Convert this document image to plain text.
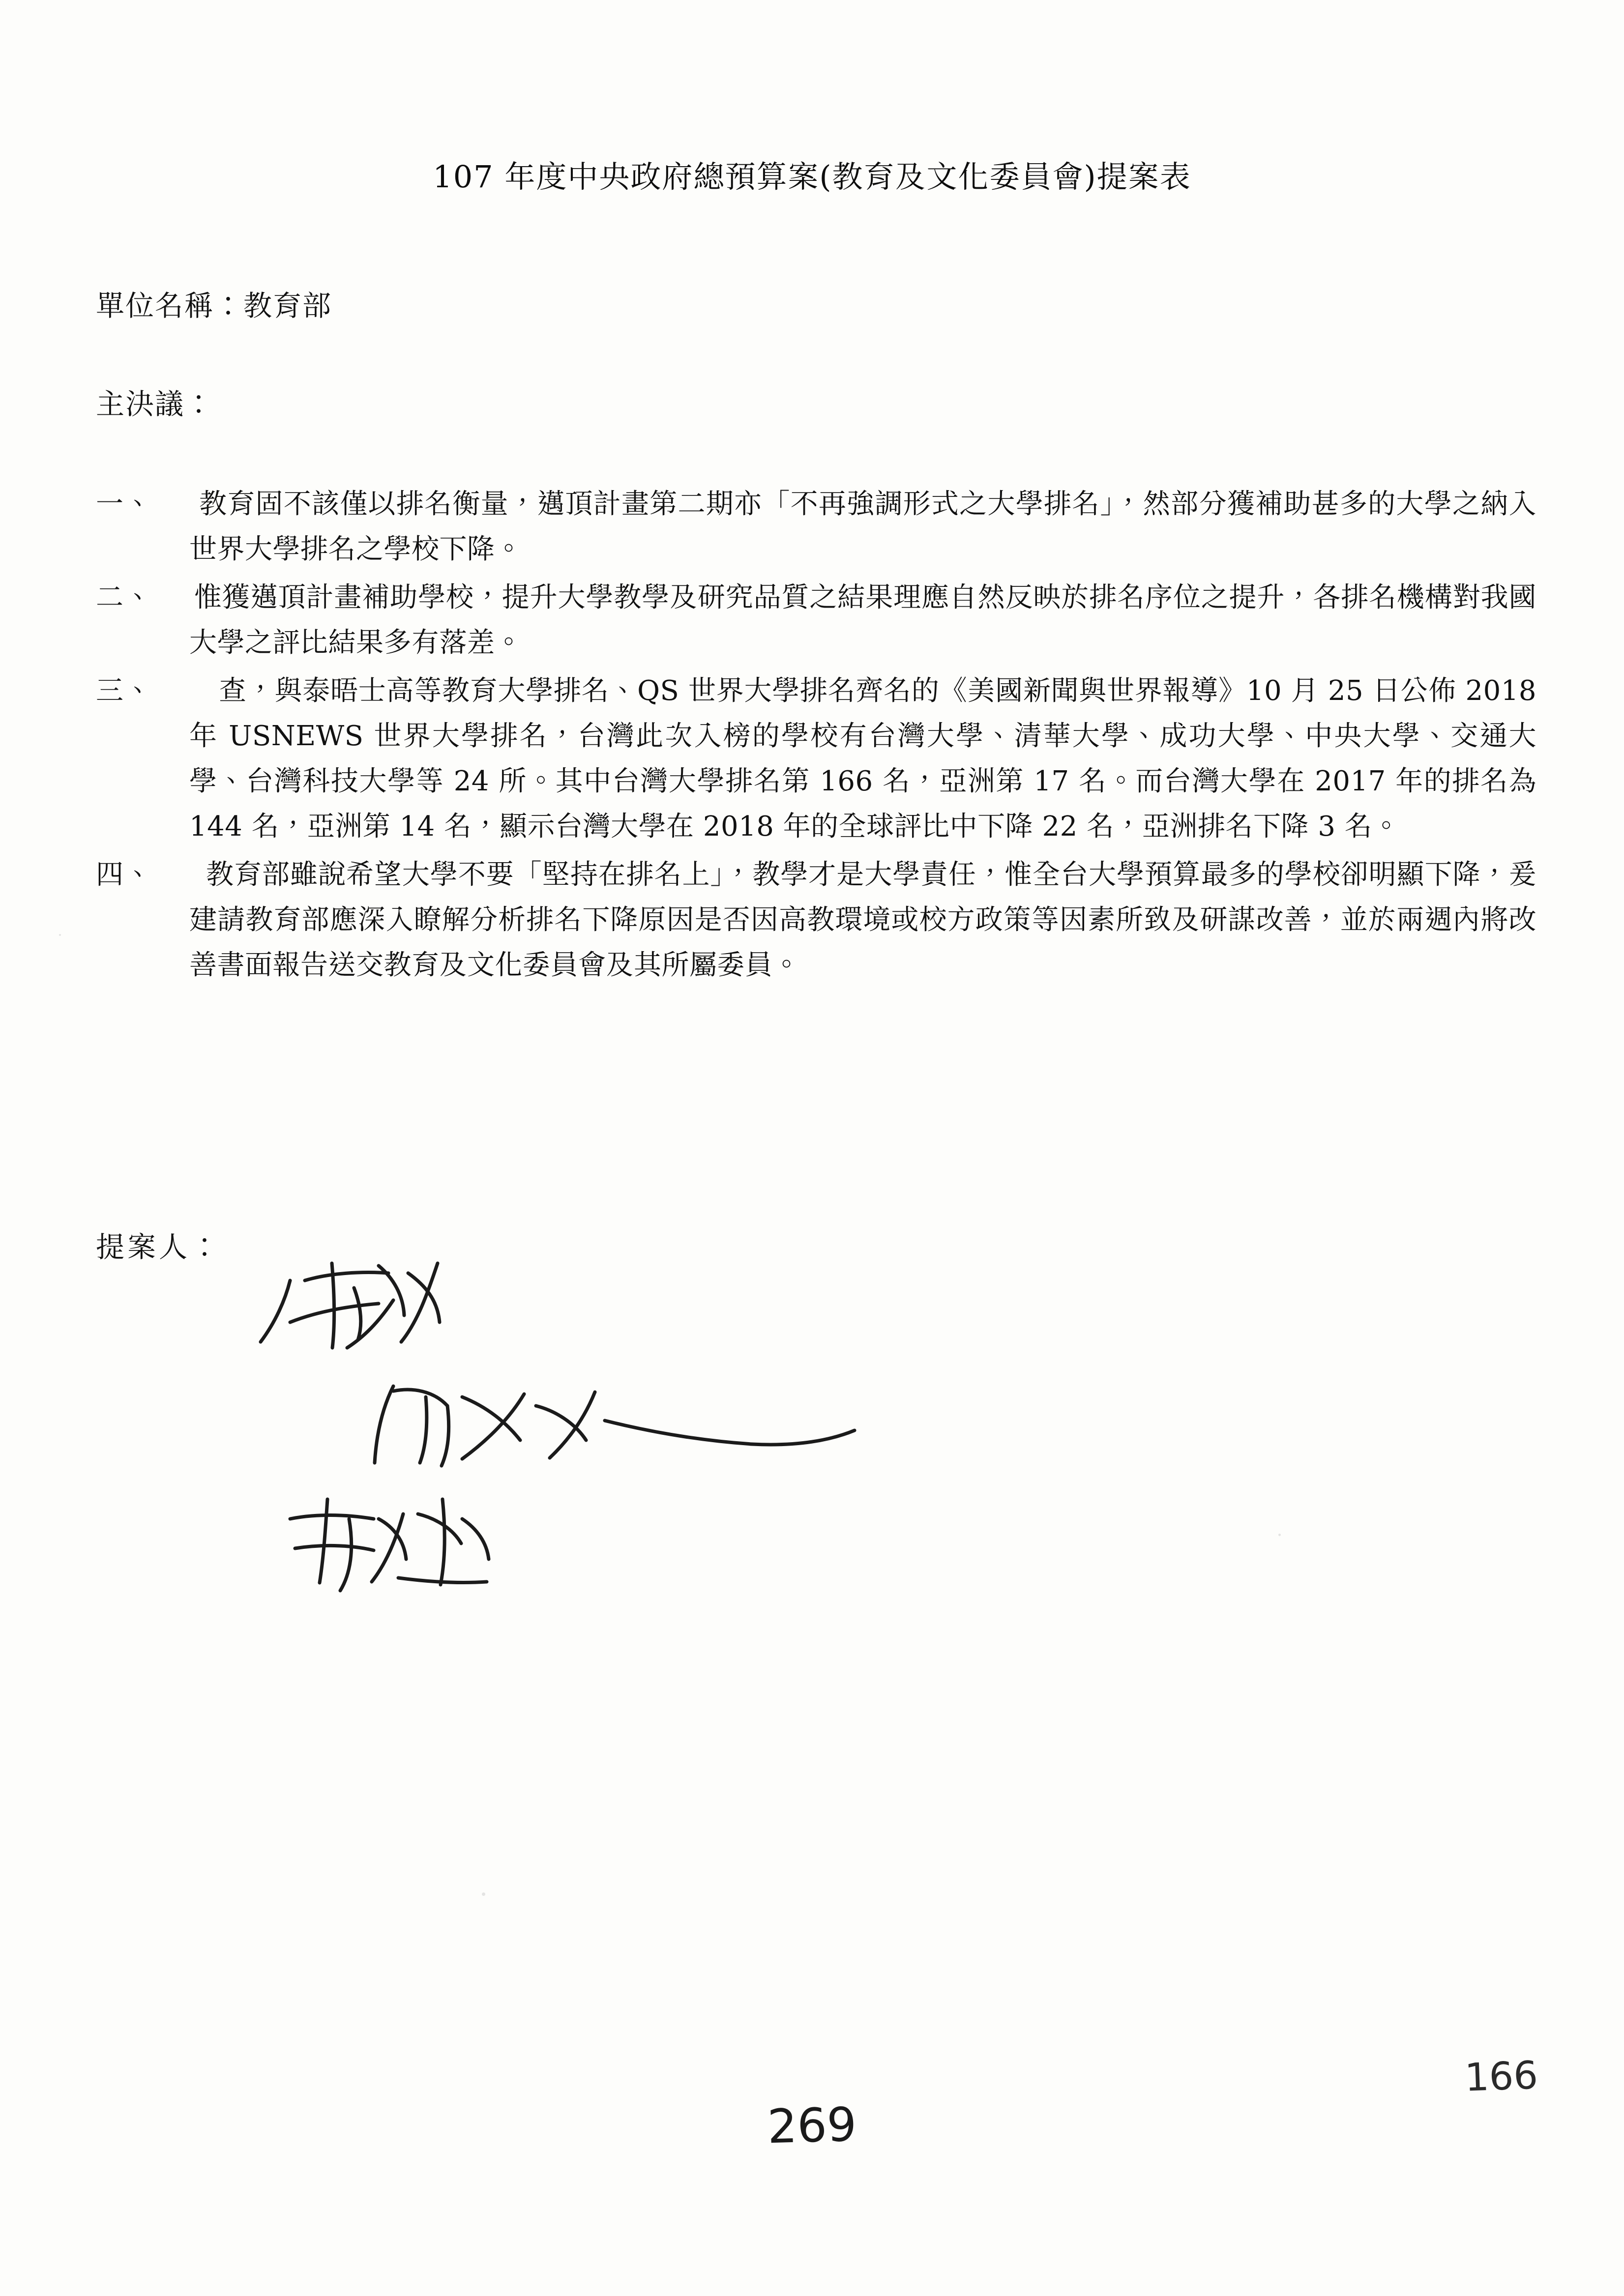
107 年度中央政府總預算案(教育及文化委員會)提案表
單位名稱：教育部
主決議：
一、	教育固不該僅以排名衡量，邁頂計畫第二期亦「不再強調形式之大學排名」，然部分獲補助甚多的大學之納入世界大學排名之學校下降。
二、	惟獲邁頂計畫補助學校，提升大學教學及研究品質之結果理應自然反映於排名序位之提升，各排名機構對我國大學之評比結果多有落差。
三、	查，與泰晤士高等教育大學排名、QS 世界大學排名齊名的《美國新聞與世界報導》10 月 25 日公佈 2018 年 USNEWS 世界大學排名，台灣此次入榜的學校有台灣大學、清華大學、成功大學、中央大學、交通大學、台灣科技大學等 24 所。其中台灣大學排名第 166 名，亞洲第 17 名。而台灣大學在 2017 年的排名為 144 名，亞洲第 14 名，顯示台灣大學在 2018 年的全球評比中下降 22 名，亞洲排名下降 3 名。
四、	教育部雖說希望大學不要「堅持在排名上」，教學才是大學責任，惟全台大學預算最多的學校卻明顯下降，爰建請教育部應深入瞭解分析排名下降原因是否因高教環境或校方政策等因素所致及研謀改善，並於兩週內將改善書面報告送交教育及文化委員會及其所屬委員。
提案人：
269
166
